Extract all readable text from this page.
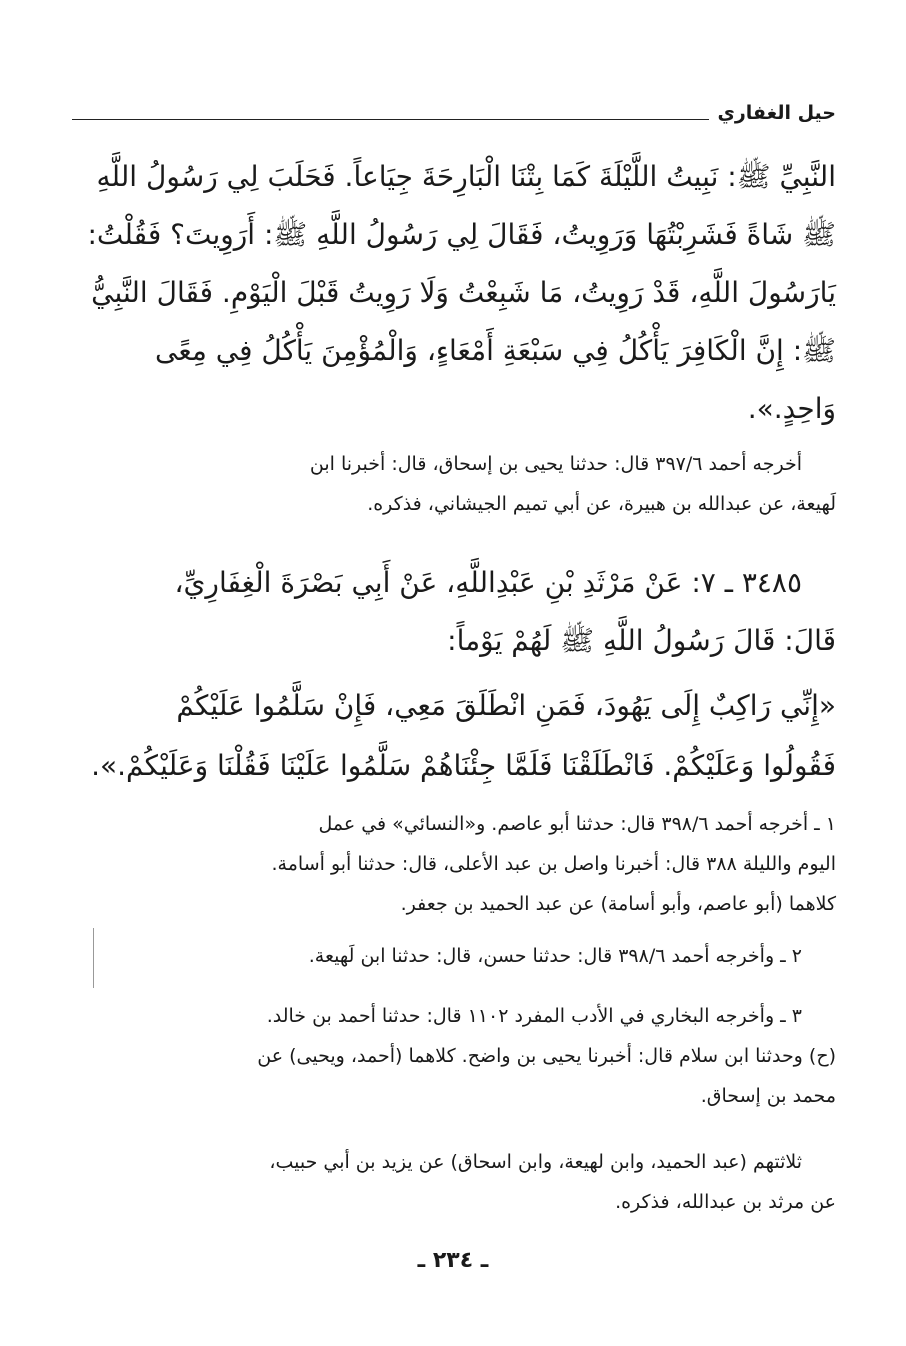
حيل الغفاري

النَّبِيِّ ﷺ: نَبِيتُ اللَّيْلَةَ كَمَا بِتْنَا الْبَارِحَةَ جِيَاعاً. فَحَلَبَ لِي رَسُولُ اللَّهِ

ﷺ شَاةً فَشَرِبْتُهَا وَرَوِيتُ، فَقَالَ لِي رَسُولُ اللَّهِ ﷺ: أَرَوِيتَ؟ فَقُلْتُ:

يَارَسُولَ اللَّهِ، قَدْ رَوِيتُ، مَا شَبِعْتُ وَلَا رَوِيتُ قَبْلَ الْيَوْمِ. فَقَالَ النَّبِيُّ

ﷺ: إِنَّ الْكَافِرَ يَأْكُلُ فِي سَبْعَةِ أَمْعَاءٍ، وَالْمُؤْمِنَ يَأْكُلُ فِي مِعًى

وَاحِدٍ.».

أخرجه أحمد ٣٩٧/٦ قال: حدثنا يحيى بن إسحاق، قال: أخبرنا ابن

لَهيعة، عن عبدالله بن هبيرة، عن أبي تميم الجيشاني، فذكره.

٣٤٨٥ ـ ٧: عَنْ مَرْثَدِ بْنِ عَبْدِاللَّهِ، عَنْ أَبِي بَصْرَةَ الْغِفَارِيِّ،

قَالَ: قَالَ رَسُولُ اللَّهِ ﷺ لَهُمْ يَوْماً:

«إِنِّي رَاكِبٌ إِلَى يَهُودَ، فَمَنِ انْطَلَقَ مَعِي، فَإِنْ سَلَّمُوا عَلَيْكُمْ

فَقُولُوا وَعَلَيْكُمْ. فَانْطَلَقْنَا فَلَمَّا جِئْنَاهُمْ سَلَّمُوا عَلَيْنَا فَقُلْنَا وَعَلَيْكُمْ.».

١ ـ أخرجه أحمد ٣٩٨/٦ قال: حدثنا أبو عاصم. و«النسائي» في عمل

اليوم والليلة ٣٨٨ قال: أخبرنا واصل بن عبد الأعلى، قال: حدثنا أبو أسامة.

كلاهما (أبو عاصم، وأبو أسامة) عن عبد الحميد بن جعفر.

٢ ـ وأخرجه أحمد ٣٩٨/٦ قال: حدثنا حسن، قال: حدثنا ابن لَهيعة.

٣ ـ وأخرجه البخاري في الأدب المفرد ١١٠٢ قال: حدثنا أحمد بن خالد.

(ح) وحدثنا ابن سلام قال: أخبرنا يحيى بن واضح. كلاهما (أحمد، ويحيى) عن

محمد بن إسحاق.

ثلاثتهم (عبد الحميد، وابن لهيعة، وابن اسحاق) عن يزيد بن أبي حبيب،

عن مرثد بن عبدالله، فذكره.

ـ ٢٣٤ ـ
